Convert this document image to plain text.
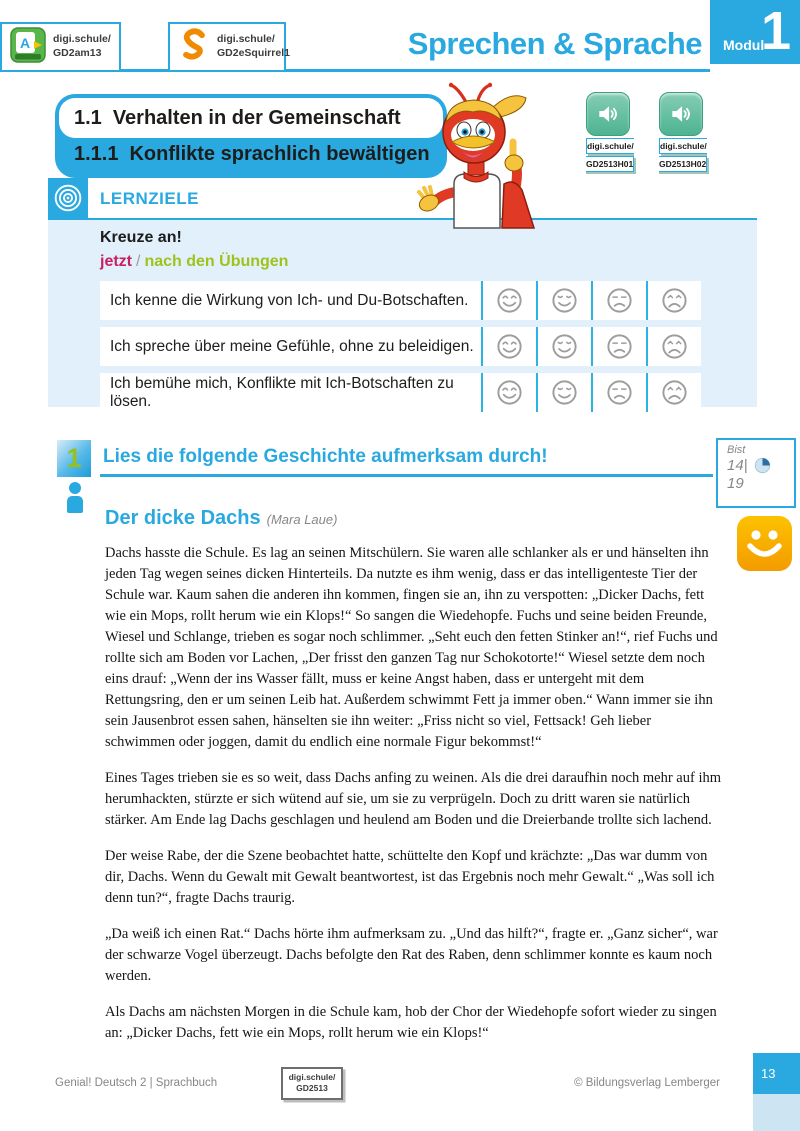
A digi.schule/
GD2am13
digi.schule/
GD2eSquirrel1	Sprechen & Sprache Modul
1
1.1 Verhalten in der Gemeinschaft
1.1.1 Konflikte sprachlich bewältigen	digi.schule/
GD2513H01
digi.schule/
GD2513H02
LERNZIELE
Kreuze an!
jetzt / nach den Übungen
Ich kenne die Wirkung von Ich- und Du-Botschaften.
Ich spreche über meine Gefühle, ohne zu beleidigen.
Ich bemühe mich, Konflikte mit Ich-Botschaften zu lösen.
1	Lies die folgende Geschichte aufmerksam durch!	Bist
14|
19
Der dicke Dachs (Mara Laue)

Dachs hasste die Schule. Es lag an seinen Mitschülern. Sie waren alle schlanker als er und hänselten ihn jeden Tag wegen seines dicken Hinterteils. Da nutzte es ihm wenig, dass er das intelligenteste Tier der Schule war. Kaum sahen die anderen ihn kommen, fingen sie an, ihn zu verspotten: „Dicker Dachs, fett wie ein Mops, rollt herum wie ein Klops!“ So sangen die Wiedehopfe. Fuchs und seine beiden Freunde, Wiesel und Schlange, trieben es sogar noch schlimmer. „Seht euch den fetten Stinker an!“, rief Fuchs und rollte sich am Boden vor Lachen, „Der frisst den ganzen Tag nur Schokotorte!“ Wiesel setzte dem noch eins drauf: „Wenn der ins Wasser fällt, muss er keine Angst haben, dass er untergeht mit dem Rettungsring, den er um seinen Leib hat. Außerdem schwimmt Fett ja immer oben.“ Wann immer sie ihn sein Jausenbrot essen sahen, hänselten sie ihn weiter: „Friss nicht so viel, Fettsack! Geh lieber schwimmen oder joggen, damit du endlich eine normale Figur bekommst!“

Eines Tages trieben sie es so weit, dass Dachs anfing zu weinen. Als die drei daraufhin noch mehr auf ihm herumhackten, stürzte er sich wütend auf sie, um sie zu verprügeln. Doch zu dritt waren sie natürlich stärker. Am Ende lag Dachs geschlagen und heulend am Boden und die Dreierbande trollte sich lachend.

Der weise Rabe, der die Szene beobachtet hatte, schüttelte den Kopf und krächzte: „Das war dumm von dir, Dachs. Wenn du Gewalt mit Gewalt beantwortest, ist das Ergebnis noch mehr Gewalt.“ „Was soll ich denn tun?“, fragte Dachs traurig.

„Da weiß ich einen Rat.“ Dachs hörte ihm aufmerksam zu. „Und das hilft?“, fragte er. „Ganz sicher“, war der schwarze Vogel überzeugt. Dachs befolgte den Rat des Raben, denn schlimmer konnte es kaum noch werden.

Als Dachs am nächsten Morgen in die Schule kam, hob der Chor der Wiedehopfe sofort wieder zu singen an: „Dicker Dachs, fett wie ein Mops, rollt herum wie ein Klops!“

Genial! Deutsch 2 | Sprachbuch	digi.schule/
GD2513	© Bildungsverlag Lemberger
13
